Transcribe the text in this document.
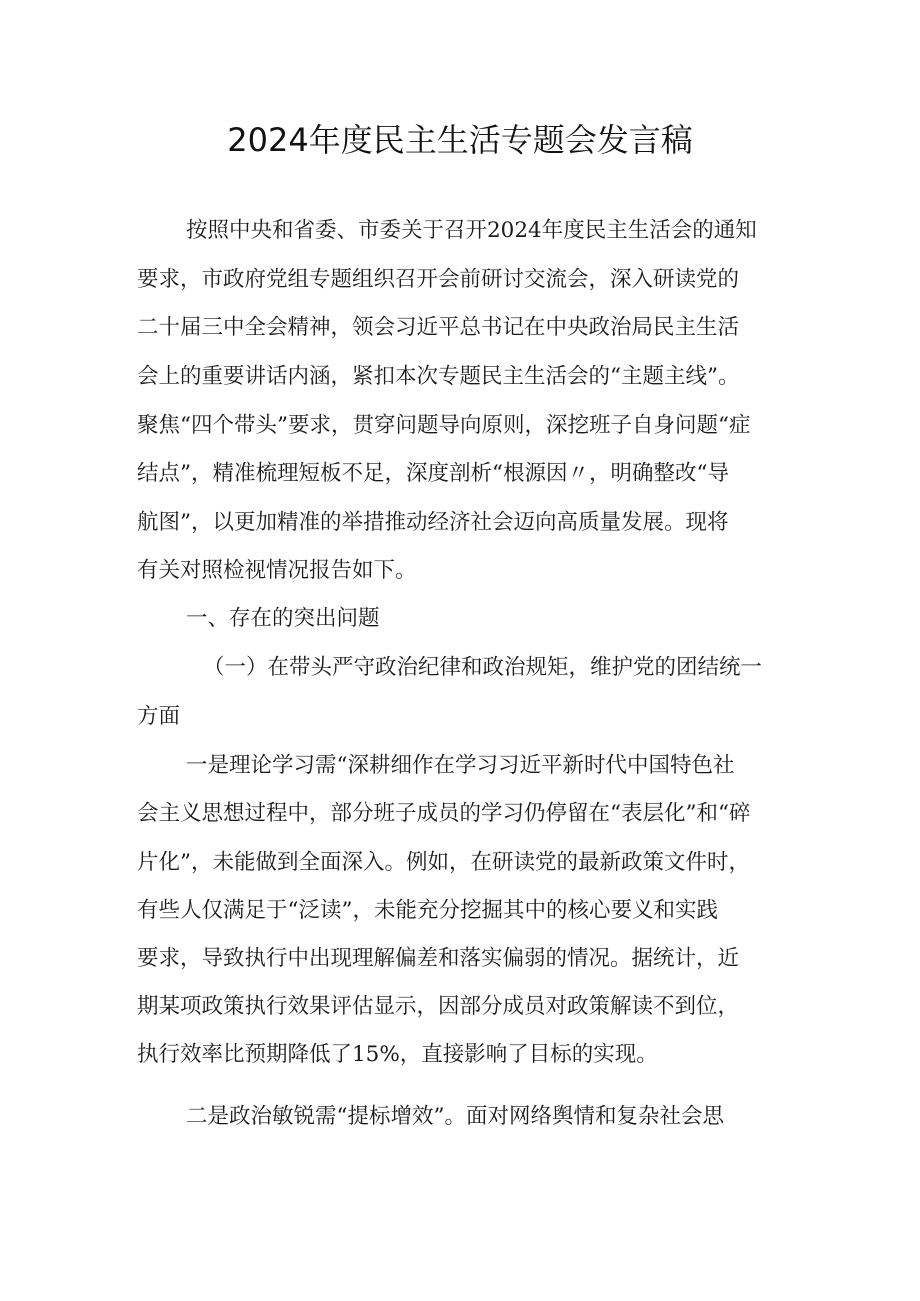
2024年度民主生活专题会发言稿
按照中央和省委、市委关于召开2024年度民主生活会的通知
要求，市政府党组专题组织召开会前研讨交流会，深入研读党的
二十届三中全会精神，领会习近平总书记在中央政治局民主生活
会上的重要讲话内涵，紧扣本次专题民主生活会的“主题主线”。
聚焦“四个带头”要求，贯穿问题导向原则，深挖班子自身问题“症
结点”，精准梳理短板不足，深度剖析“根源因〃，明确整改“导
航图”，以更加精准的举措推动经济社会迈向高质量发展。现将
有关对照检视情况报告如下。
一、存在的突出问题
（一）在带头严守政治纪律和政治规矩，维护党的团结统一
方面
一是理论学习需“深耕细作在学习习近平新时代中国特色社
会主义思想过程中，部分班子成员的学习仍停留在“表层化”和“碎
片化”，未能做到全面深入。例如，在研读党的最新政策文件时，
有些人仅满足于“泛读”，未能充分挖掘其中的核心要义和实践
要求，导致执行中出现理解偏差和落实偏弱的情况。据统计，近
期某项政策执行效果评估显示，因部分成员对政策解读不到位，
执行效率比预期降低了15%，直接影响了目标的实现。
二是政治敏锐需“提标增效”。面对网络舆情和复杂社会思
